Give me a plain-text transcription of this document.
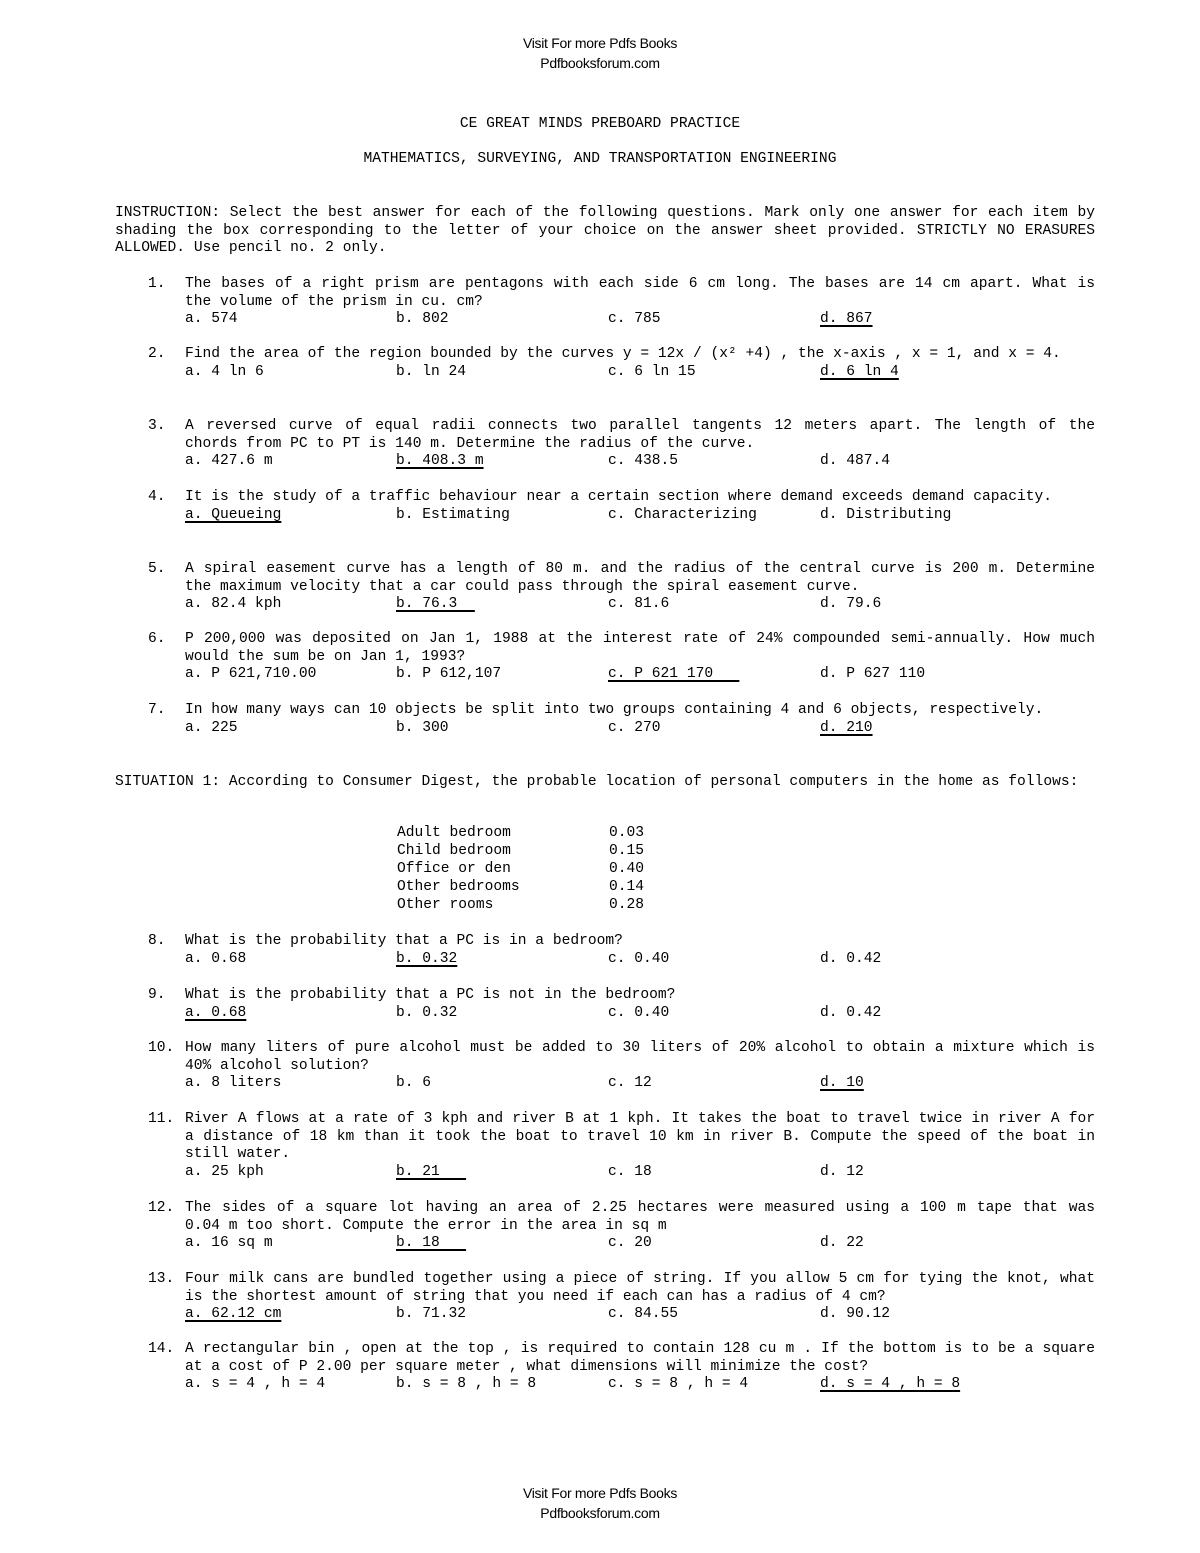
Visit For more Pdfs Books
Pdfbooksforum.com
CE GREAT MINDS PREBOARD PRACTICE
MATHEMATICS, SURVEYING, AND TRANSPORTATION ENGINEERING
INSTRUCTION: Select the best answer for each of the following questions. Mark only one answer for each item by shading the box corresponding to the letter of your choice on the answer sheet provided. STRICTLY NO ERASURES ALLOWED. Use pencil no. 2 only.
1. The bases of a right prism are pentagons with each side 6 cm long. The bases are 14 cm apart. What is the volume of the prism in cu. cm?
a. 574	b. 802	c. 785	d. 867
2. Find the area of the region bounded by the curves y = 12x / (x² +4) , the x-axis , x = 1, and x = 4.
a. 4 ln 6	b. ln 24	c. 6 ln 15	d. 6 ln 4
3. A reversed curve of equal radii connects two parallel tangents 12 meters apart. The length of the chords from PC to PT is 140 m. Determine the radius of the curve.
a. 427.6 m	b. 408.3 m	c. 438.5	d. 487.4
4. It is the study of a traffic behaviour near a certain section where demand exceeds demand capacity.
a. Queueing	b. Estimating	c. Characterizing	d. Distributing
5. A spiral easement curve has a length of 80 m. and the radius of the central curve is 200 m. Determine the maximum velocity that a car could pass through the spiral easement curve.
a. 82.4 kph	b. 76.3	c. 81.6	d. 79.6
6. P 200,000 was deposited on Jan 1, 1988 at the interest rate of 24% compounded semi-annually. How much would the sum be on Jan 1, 1993?
a. P 621,710.00	b. P 612,107	c. P 621 170	d. P 627 110
7. In how many ways can 10 objects be split into two groups containing 4 and 6 objects, respectively.
a. 225	b. 300	c. 270	d. 210
SITUATION 1: According to Consumer Digest, the probable location of personal computers in the home as follows:
Adult bedroom	0.03
Child bedroom	0.15
Office or den	0.40
Other bedrooms	0.14
Other rooms	0.28
8. What is the probability that a PC is in a bedroom?
a. 0.68	b. 0.32	c. 0.40	d. 0.42
9. What is the probability that a PC is not in the bedroom?
a. 0.68	b. 0.32	c. 0.40	d. 0.42
10. How many liters of pure alcohol must be added to 30 liters of 20% alcohol to obtain a mixture which is 40% alcohol solution?
a. 8 liters	b. 6	c. 12	d. 10
11. River A flows at a rate of 3 kph and river B at 1 kph. It takes the boat to travel twice in river A for a distance of 18 km than it took the boat to travel 10 km in river B. Compute the speed of the boat in still water.
a. 25 kph	b. 21	c. 18	d. 12
12. The sides of a square lot having an area of 2.25 hectares were measured using a 100 m tape that was 0.04 m too short. Compute the error in the area in sq m
a. 16 sq m	b. 18	c. 20	d. 22
13. Four milk cans are bundled together using a piece of string. If you allow 5 cm for tying the knot, what is the shortest amount of string that you need if each can has a radius of 4 cm?
a. 62.12 cm	b. 71.32	c. 84.55	d. 90.12
14. A rectangular bin , open at the top , is required to contain 128 cu m . If the bottom is to be a square at a cost of P 2.00 per square meter , what dimensions will minimize the cost?
a. s = 4 , h = 4	b. s = 8 , h = 8	c. s = 8 , h = 4	d. s = 4 , h = 8
Visit For more Pdfs Books
Pdfbooksforum.com
